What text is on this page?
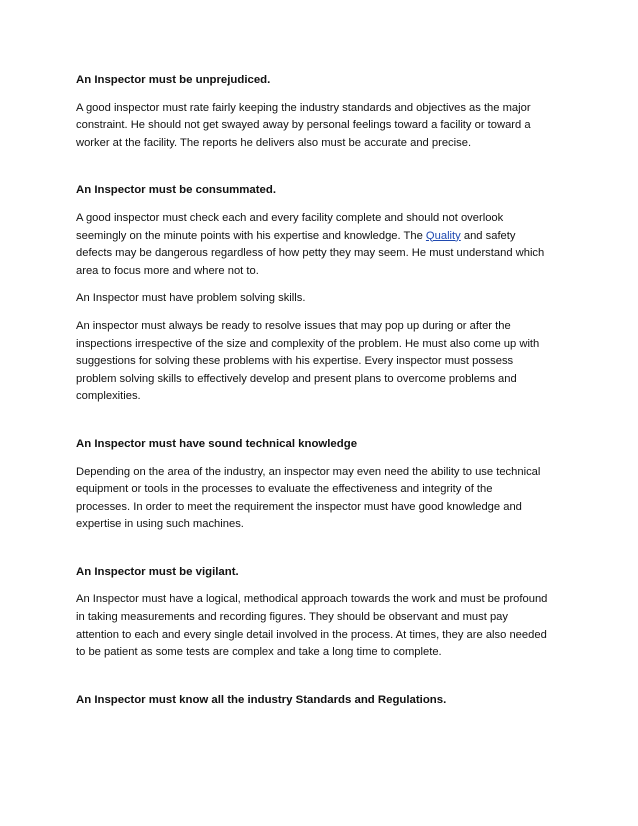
An Inspector must be unprejudiced.

A good inspector must rate fairly keeping the industry standards and objectives as the major
constraint. He should not get swayed away by personal feelings toward a facility or toward a
worker at the facility. The reports he delivers also must be accurate and precise.

An Inspector must be consummated.

A good inspector must check each and every facility complete and should not overlook
seemingly on the minute points with his expertise and knowledge. The Quality and safety
defects may be dangerous regardless of how petty they may seem. He must understand which
area to focus more and where not to.

An Inspector must have problem solving skills.

An inspector must always be ready to resolve issues that may pop up during or after the
inspections irrespective of the size and complexity of the problem. He must also come up with
suggestions for solving these problems with his expertise. Every inspector must possess
problem solving skills to effectively develop and present plans to overcome problems and
complexities.

An Inspector must have sound technical knowledge

Depending on the area of the industry, an inspector may even need the ability to use technical
equipment or tools in the processes to evaluate the effectiveness and integrity of the
processes. In order to meet the requirement the inspector must have good knowledge and
expertise in using such machines.

An Inspector must be vigilant.

An Inspector must have a logical, methodical approach towards the work and must be profound
in taking measurements and recording figures. They should be observant and must pay
attention to each and every single detail involved in the process. At times, they are also needed
to be patient as some tests are complex and take a long time to complete.

An Inspector must know all the industry Standards and Regulations.
